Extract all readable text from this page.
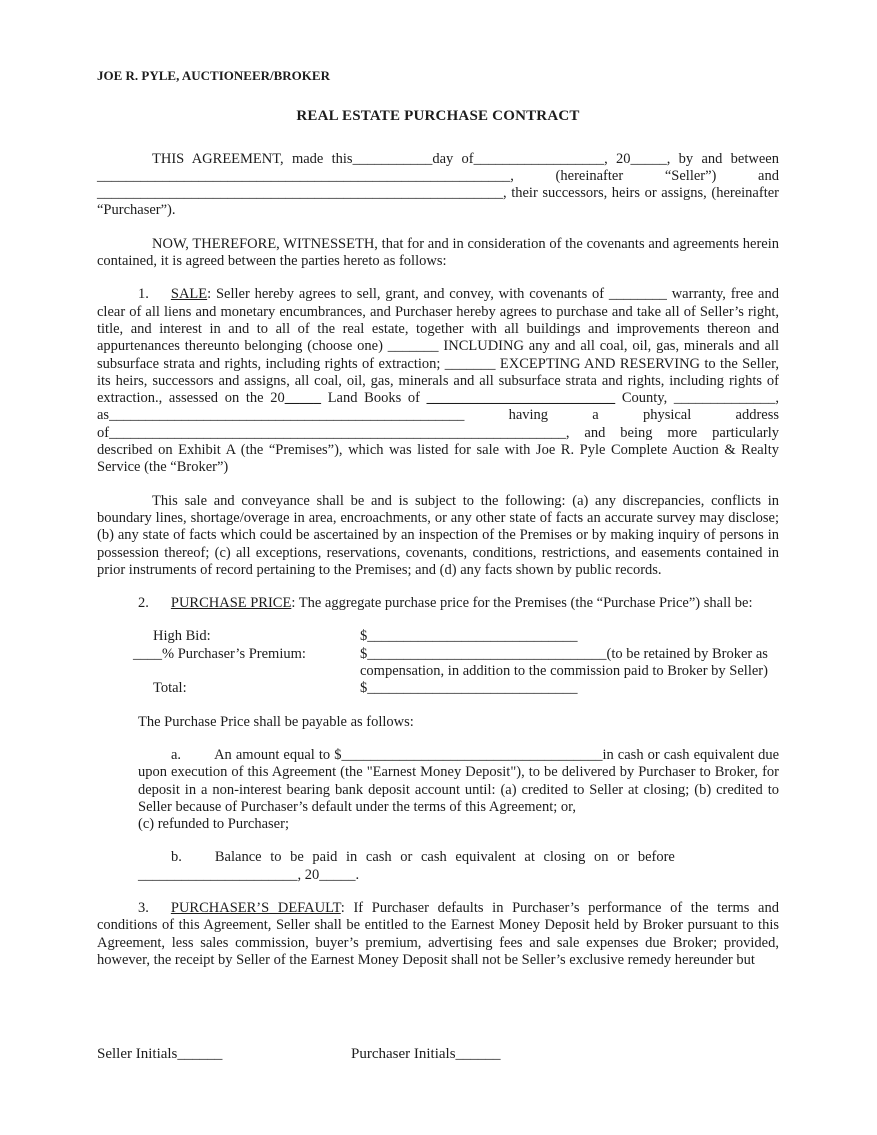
JOE R. PYLE, AUCTIONEER/BROKER
REAL ESTATE PURCHASE CONTRACT

THIS AGREEMENT, made this___________day of__________________, 20_____, by and between _________________________________________________________, (hereinafter “Seller”) and ________________________________________________________, their successors, heirs or assigns, (hereinafter “Purchaser”).

NOW, THEREFORE, WITNESSETH, that for and in consideration of the covenants and agreements herein contained, it is agreed between the parties hereto as follows:

1. SALE: Seller hereby agrees to sell, grant, and convey, with covenants of ________ warranty, free and clear of all liens and monetary encumbrances, and Purchaser hereby agrees to purchase and take all of Seller’s right, title, and interest in and to all of the real estate, together with all buildings and improvements thereon and appurtenances thereunto belonging (choose one) _______ INCLUDING any and all coal, oil, gas, minerals and all subsurface strata and rights, including rights of extraction; _______ EXCEPTING AND RESERVING to the Seller, its heirs, successors and assigns, all coal, oil, gas, minerals and all subsurface strata and rights, including rights of extraction., assessed on the 20_____ Land Books of __________________________ County, ______________, as_________________________________________________ having a physical address of_______________________________________________________________, and being more particularly described on Exhibit A (the “Premises”), which was listed for sale with Joe R. Pyle Complete Auction & Realty Service (the “Broker”)

This sale and conveyance shall be and is subject to the following: (a) any discrepancies, conflicts in boundary lines, shortage/overage in area, encroachments, or any other state of facts an accurate survey may disclose; (b) any state of facts which could be ascertained by an inspection of the Premises or by making inquiry of persons in possession thereof; (c) all exceptions, reservations, covenants, conditions, restrictions, and easements contained in prior instruments of record pertaining to the Premises; and (d) any facts shown by public records.

2. PURCHASE PRICE: The aggregate purchase price for the Premises (the “Purchase Price”) shall be:

High Bid:	$_____________________________
____% Purchaser’s Premium:	$_________________________________(to be retained by Broker as
compensation, in addition to the commission paid to Broker by Seller)
Total:	$_____________________________

The Purchase Price shall be payable as follows:

a. An amount equal to $____________________________________in cash or cash equivalent due upon execution of this Agreement (the "Earnest Money Deposit"), to be delivered by Purchaser to Broker, for deposit in a non-interest bearing bank deposit account until: (a) credited to Seller at closing; (b) credited to Seller because of Purchaser’s default under the terms of this Agreement; or,
(c) refunded to Purchaser;

b. Balance to be paid in cash or cash equivalent at closing on or before
______________________, 20_____.

3. PURCHASER’S DEFAULT: If Purchaser defaults in Purchaser’s performance of the terms and conditions of this Agreement, Seller shall be entitled to the Earnest Money Deposit held by Broker pursuant to this Agreement, less sales commission, buyer’s premium, advertising fees and sale expenses due Broker; provided, however, the receipt by Seller of the Earnest Money Deposit shall not be Seller’s exclusive remedy hereunder but

Seller Initials______	Purchaser Initials______
